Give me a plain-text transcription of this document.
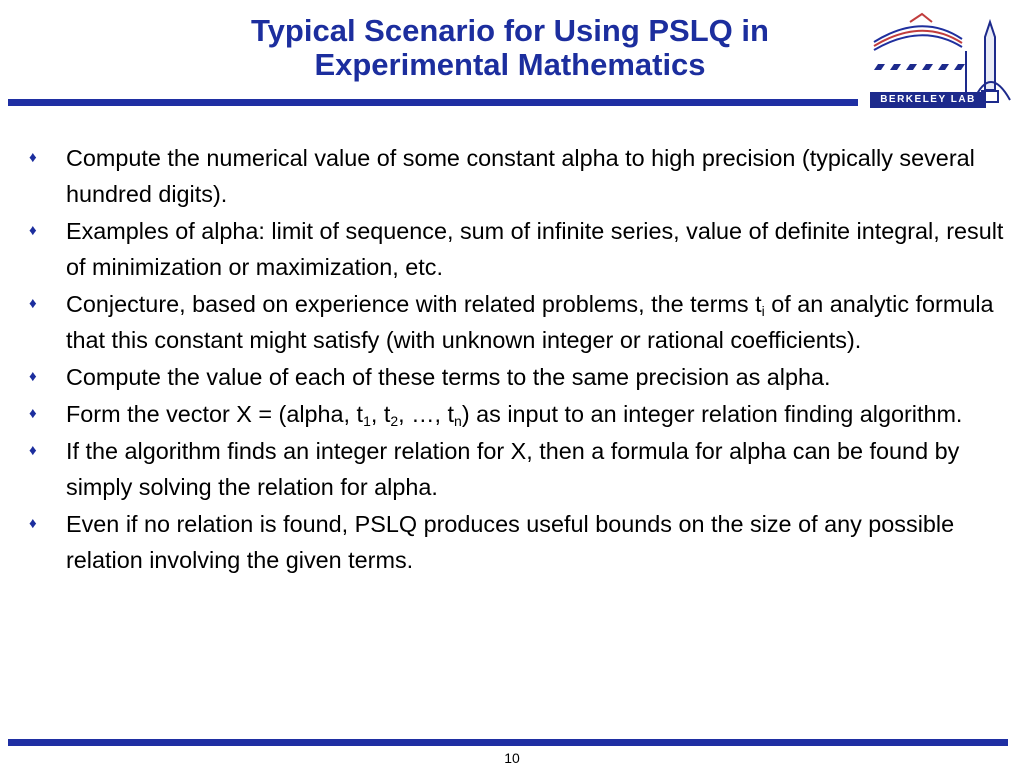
Typical Scenario for Using PSLQ in
Experimental Mathematics
BERKELEY LAB
♦ Compute the numerical value of some constant alpha to high precision (typically several hundred digits).
♦ Examples of alpha: limit of sequence, sum of infinite series, value of definite integral, result of minimization or maximization, etc.
♦ Conjecture, based on experience with related problems, the terms $t_i$ of an analytic formula that this constant might satisfy (with unknown integer or rational coefficients).
♦ Compute the value of each of these terms to the same precision as alpha.
♦ Form the vector X = (alpha, $t_1$, $t_2$, …, $t_n$) as input to an integer relation finding algorithm.
♦ If the algorithm finds an integer relation for X, then a formula for alpha can be found by simply solving the relation for alpha.
♦ Even if no relation is found, PSLQ produces useful bounds on the size of any possible relation involving the given terms.
10
